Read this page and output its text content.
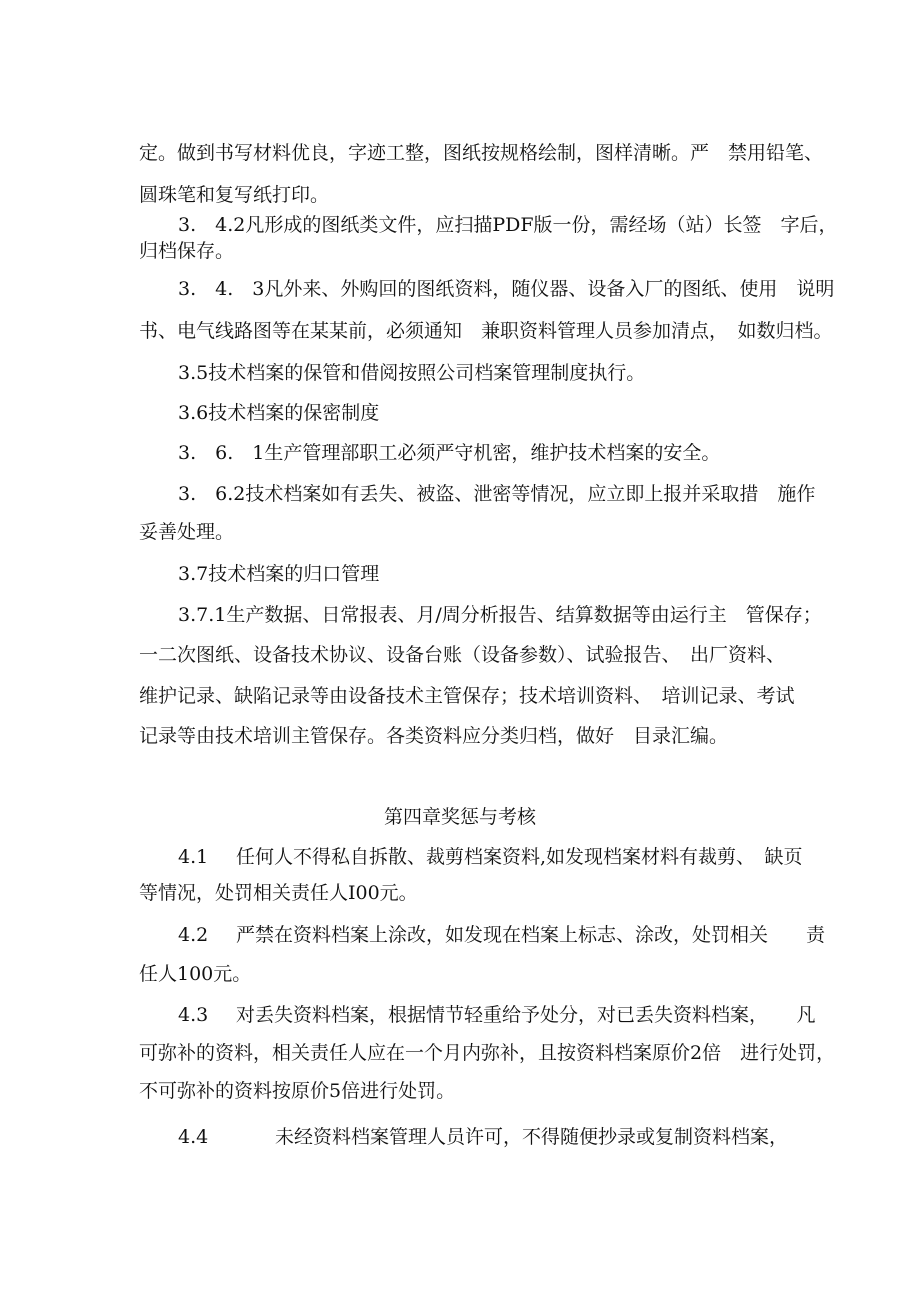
定。做到书写材料优良，字迹工整，图纸按规格绘制，图样清晰。严　禁用铅笔、
圆珠笔和复写纸打印。
3.　4.2凡形成的图纸类文件，应扫描PDF版一份，需经场（站）长签　字后，
归档保存。
3.　4.　3凡外来、外购回的图纸资料，随仪器、设备入厂的图纸、使用　说明
书、电气线路图等在某某前，必须通知　兼职资料管理人员参加清点，　如数归档。
3.5技术档案的保管和借阅按照公司档案管理制度执行。
3.6技术档案的保密制度
3.　6.　1生产管理部职工必须严守机密，维护技术档案的安全。
3.　6.2技术档案如有丢失、被盗、泄密等情况，应立即上报并采取措　施作
妥善处理。
3.7技术档案的归口管理
3.7.1生产数据、日常报表、月/周分析报告、结算数据等由运行主　管保存；
一二次图纸、设备技术协议、设备台账（设备参数）、试验报告、　出厂资料、
维护记录、缺陷记录等由设备技术主管保存；技术培训资料、　培训记录、考试
记录等由技术培训主管保存。各类资料应分类归档，做好　目录汇编。
第四章奖惩与考核

4.1

任何人不得私自拆散、裁剪档案资料,如发现档案材料有裁剪、　缺页

等情况，处罚相关责任人I00元。

4.2

严禁在资料档案上涂改，如发现在档案上标志、涂改，处罚相关　　责

任人100元。

4.3

对丢失资料档案，根据情节轻重给予处分，对已丢失资料档案，　　凡

可弥补的资料，相关责任人应在一个月内弥补，且按资料档案原价2倍　进行处罚，
不可弥补的资料按原价5倍进行处罚。

4.4

	未经资料档案管理人员许可，不得随便抄录或复制资料档案，
